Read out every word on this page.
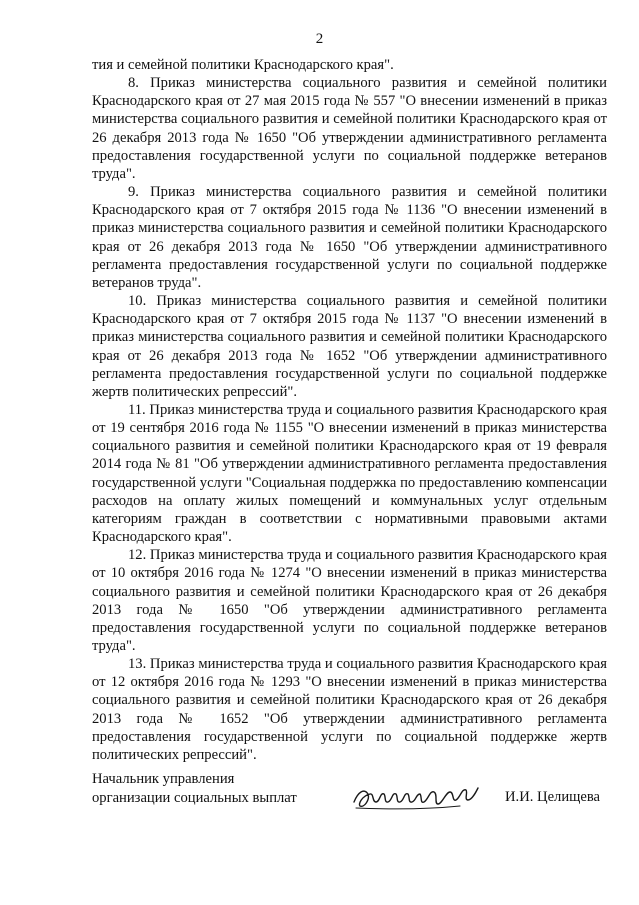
2

тия и семейной политики Краснодарского края".

8. Приказ министерства социального развития и семейной политики Краснодарского края от 27 мая 2015 года № 557 "О внесении изменений в приказ министерства социального развития и семейной политики Краснодарского края от 26 декабря 2013 года № 1650 "Об утверждении административного регламента предоставления государственной услуги по социальной поддержке ветеранов труда".

9. Приказ министерства социального развития и семейной политики Краснодарского края от 7 октября 2015 года № 1136 "О внесении изменений в приказ министерства социального развития и семейной политики Краснодарского края от 26 декабря 2013 года № 1650 "Об утверждении административного регламента предоставления государственной услуги по социальной поддержке ветеранов труда".

10. Приказ министерства социального развития и семейной политики Краснодарского края от 7 октября 2015 года № 1137 "О внесении изменений в приказ министерства социального развития и семейной политики Краснодарского края от 26 декабря 2013 года № 1652 "Об утверждении административного регламента предоставления государственной услуги по социальной поддержке жертв политических репрессий".

11. Приказ министерства труда и социального развития Краснодарского края от 19 сентября 2016 года № 1155 "О внесении изменений в приказ министерства социального развития и семейной политики Краснодарского края от 19 февраля 2014 года № 81 "Об утверждении административного регламента предоставления государственной услуги "Социальная поддержка по предоставлению компенсации расходов на оплату жилых помещений и коммунальных услуг отдельным категориям граждан в соответствии с нормативными правовыми актами Краснодарского края".

12. Приказ министерства труда и социального развития Краснодарского края от 10 октября 2016 года № 1274 "О внесении изменений в приказ министерства социального развития и семейной политики Краснодарского края от 26 декабря 2013 года № 1650 "Об утверждении административного регламента предоставления государственной услуги по социальной поддержке ветеранов труда".

13. Приказ министерства труда и социального развития Краснодарского края от 12 октября 2016 года № 1293 "О внесении изменений в приказ министерства социального развития и семейной политики Краснодарского края от 26 декабря 2013 года № 1652 "Об утверждении административного регламента предоставления государственной услуги по социальной поддержке жертв политических репрессий".

Начальник управления
организации социальных выплат	И.И. Целищева
